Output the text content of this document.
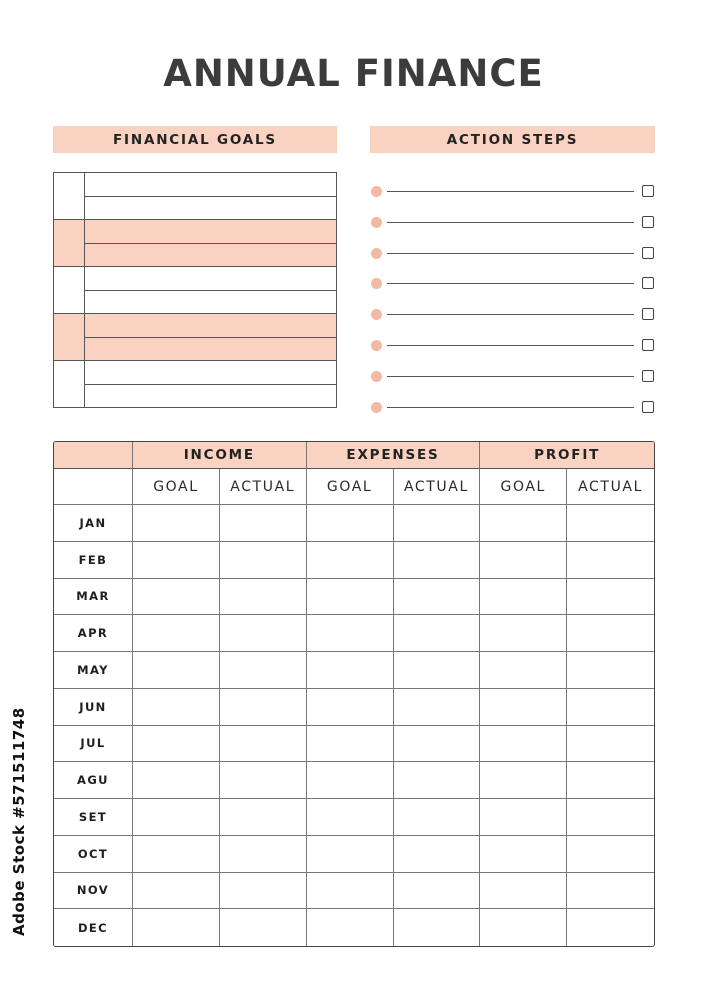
ANNUAL FINANCE
FINANCIAL GOALS	ACTION STEPS
INCOME	EXPENSES	PROFIT
GOAL	ACTUAL	GOAL	ACTUAL	GOAL	ACTUAL
JAN
FEB
MAR
APR
MAY
JUN
JUL
AGU
SET
OCT
NOV
DEC
Adobe Stock #571511748
